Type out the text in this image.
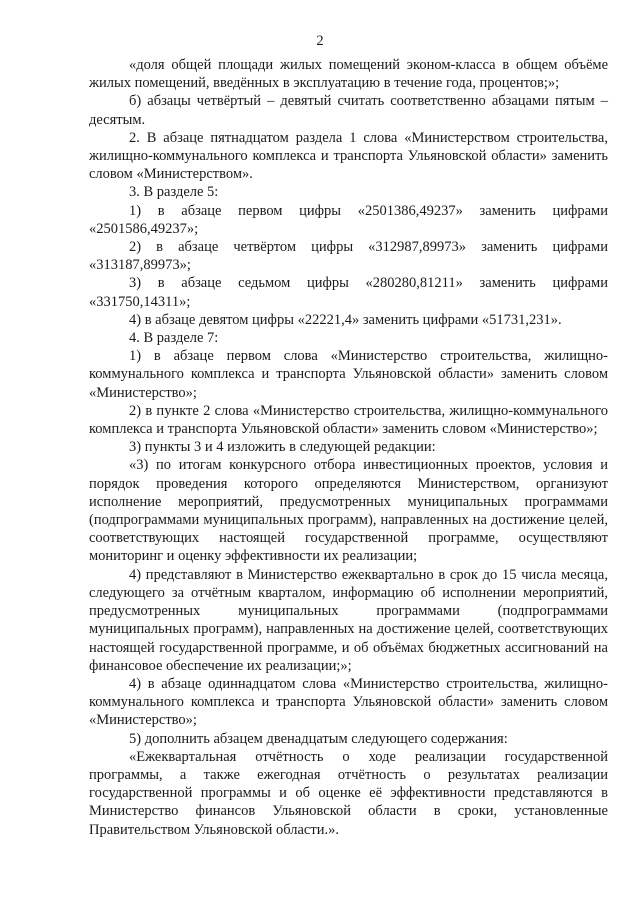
2

«доля общей площади жилых помещений эконом-класса в общем объёме жилых помещений, введённых в эксплуатацию в течение года, процентов;»;

б) абзацы четвёртый – девятый считать соответственно абзацами пятым – десятым.

2. В абзаце пятнадцатом раздела 1 слова «Министерством строительства, жилищно-коммунального комплекса и транспорта Ульяновской области» заменить словом «Министерством».

3. В разделе 5:

1) в абзаце первом цифры «2501386,49237» заменить цифрами «2501586,49237»;

2) в абзаце четвёртом цифры «312987,89973» заменить цифрами «313187,89973»;

3) в абзаце седьмом цифры «280280,81211» заменить цифрами «331750,14311»;

4) в абзаце девятом цифры «22221,4» заменить цифрами «51731,231».

4. В разделе 7:

1) в абзаце первом слова «Министерство строительства, жилищно-коммунального комплекса и транспорта Ульяновской области» заменить словом «Министерство»;

2) в пункте 2 слова «Министерство строительства, жилищно-коммунального комплекса и транспорта Ульяновской области» заменить словом «Министерство»;

3) пункты 3 и 4 изложить в следующей редакции:

«3) по итогам конкурсного отбора инвестиционных проектов, условия и порядок проведения которого определяются Министерством, организуют исполнение мероприятий, предусмотренных муниципальных программами (подпрограммами муниципальных программ), направленных на достижение целей, соответствующих настоящей государственной программе, осуществляют мониторинг и оценку эффективности их реализации;

4) представляют в Министерство ежеквартально в срок до 15 числа месяца, следующего за отчётным кварталом, информацию об исполнении мероприятий, предусмотренных муниципальных программами (подпрограммами муниципальных программ), направленных на достижение целей, соответствующих настоящей государственной программе, и об объёмах бюджетных ассигнований на финансовое обеспечение их реализации;»;

4) в абзаце одиннадцатом слова «Министерство строительства, жилищно-коммунального комплекса и транспорта Ульяновской области» заменить словом «Министерство»;

5) дополнить абзацем двенадцатым следующего содержания:

«Ежеквартальная отчётность о ходе реализации государственной программы, а также ежегодная отчётность о результатах реализации государственной программы и об оценке её эффективности представляются в Министерство финансов Ульяновской области в сроки, установленные Правительством Ульяновской области.».
